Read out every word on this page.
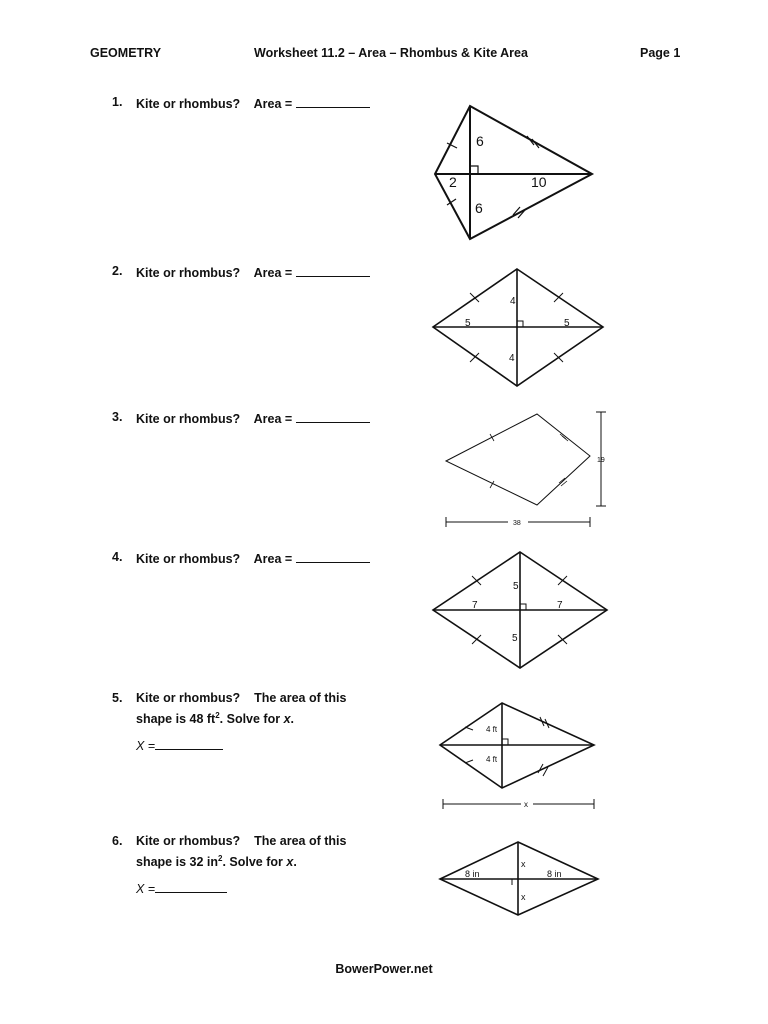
GEOMETRY	Worksheet 11.2 – Area – Rhombus & Kite Area	Page 1
1. Kite or rhombus? Area =
2. Kite or rhombus? Area =
3. Kite or rhombus? Area =
4. Kite or rhombus? Area =
5. Kite or rhombus? The area of this
shape is 48 $ft^2$. Solve for x.
X =
6. Kite or rhombus? The area of this
shape is 32 $in^2$. Solve for x.
X =
6
2	10
6
4
5	5
4
19
38
5
7	7
5
4 ft
4 ft
x
x
8 in	8 in
x
BowerPower.net
